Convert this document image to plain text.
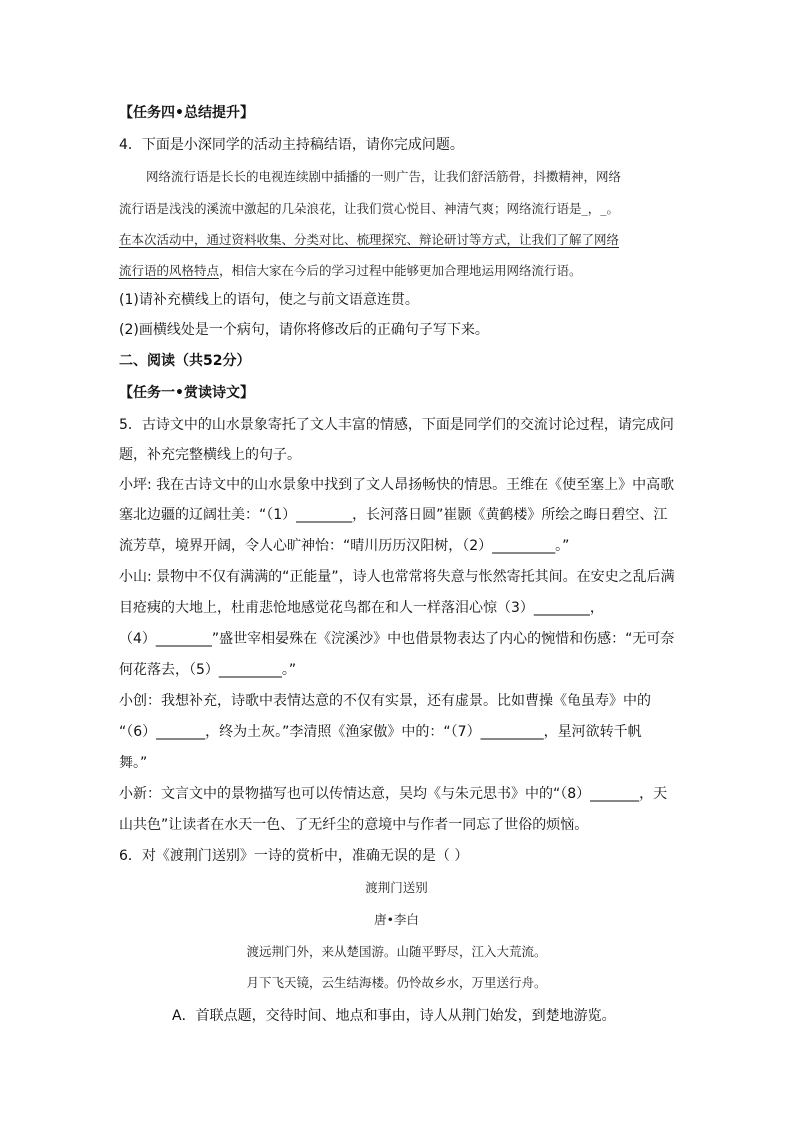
【任务四•总结提升】
4．下面是小深同学的活动主持稿结语，请你完成问题。
网络流行语是长长的电视连续剧中插播的一则广告，让我们舒活筋骨，抖擞精神，网络
流行语是浅浅的溪流中激起的几朵浪花，让我们赏心悦目、神清气爽；网络流行语是_，_。
在本次活动中，通过资料收集、分类对比、梳理探究、辩论研讨等方式，让我们了解了网络
流行语的风格特点，相信大家在今后的学习过程中能够更加合理地运用网络流行语。
(1)请补充横线上的语句，使之与前文语意连贯。
(2)画横线处是一个病句，请你将修改后的正确句子写下来。
二、阅读（共52分）
【任务一•赏读诗文】
5．古诗文中的山水景象寄托了文人丰富的情感，下面是同学们的交流讨论过程，请完成问
题，补充完整横线上的句子。
小坪: 我在古诗文中的山水景象中找到了文人昂扬畅快的情思。王维在《使至塞上》中高歌
塞北边疆的辽阔壮美：“（1）________，长河落日圆”崔颢《黄鹤楼》所绘之晦日碧空、江
流芳草，境界开阔，令人心旷神怡：“晴川历历汉阳树，（2）_________。”
小山: 景物中不仅有满满的“正能量”，诗人也常常将失意与怅然寄托其间。在安史之乱后满
目疮痍的大地上，杜甫悲怆地感觉花鸟都在和人一样落泪心惊（3）________，
（4）________”盛世宰相晏殊在《浣溪沙》中也借景物表达了内心的惋惜和伤感：“无可奈
何花落去，（5）_________。”
小创：我想补充，诗歌中表情达意的不仅有实景，还有虚景。比如曹操《龟虽寿》中的
“（6）_______，终为土灰。”李清照《渔家傲》中的：“（7）_________，星河欲转千帆
舞。”
小新：文言文中的景物描写也可以传情达意，吴均《与朱元思书》中的“（8）_______，天
山共色”让读者在水天一色、了无纤尘的意境中与作者一同忘了世俗的烦恼。
6．对《渡荆门送别》一诗的赏析中，准确无误的是（ ）
渡荆门送别
唐•李白
渡远荆门外，来从楚国游。山随平野尽，江入大荒流。
月下飞天镜，云生结海楼。仍怜故乡水，万里送行舟。
A．首联点题，交待时间、地点和事由，诗人从荆门始发，到楚地游览。
